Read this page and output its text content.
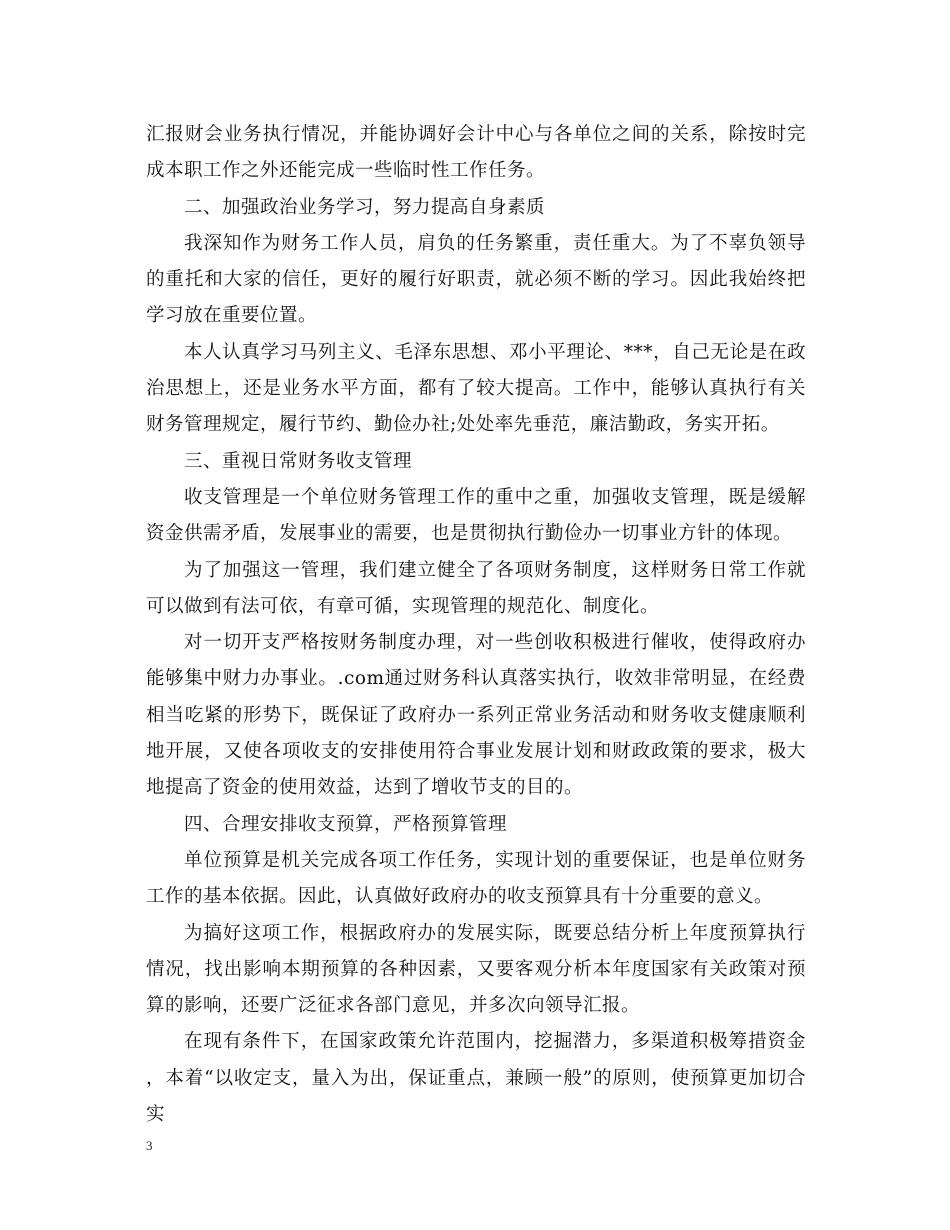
汇报财会业务执行情况，并能协调好会计中心与各单位之间的关系，除按时完成本职工作之外还能完成一些临时性工作任务。

二、加强政治业务学习，努力提高自身素质

我深知作为财务工作人员，肩负的任务繁重，责任重大。为了不辜负领导的重托和大家的信任，更好的履行好职责，就必须不断的学习。因此我始终把学习放在重要位置。

本人认真学习马列主义、毛泽东思想、邓小平理论、***，自己无论是在政治思想上，还是业务水平方面，都有了较大提高。工作中，能够认真执行有关财务管理规定，履行节约、勤俭办社;处处率先垂范，廉洁勤政，务实开拓。

三、重视日常财务收支管理

收支管理是一个单位财务管理工作的重中之重，加强收支管理，既是缓解资金供需矛盾，发展事业的需要，也是贯彻执行勤俭办一切事业方针的体现。

为了加强这一管理，我们建立健全了各项财务制度，这样财务日常工作就可以做到有法可依，有章可循，实现管理的规范化、制度化。

对一切开支严格按财务制度办理，对一些创收积极进行催收，使得政府办能够集中财力办事业。.com通过财务科认真落实执行，收效非常明显，在经费相当吃紧的形势下，既保证了政府办一系列正常业务活动和财务收支健康顺利地开展，又使各项收支的安排使用符合事业发展计划和财政政策的要求，极大地提高了资金的使用效益，达到了增收节支的目的。

四、合理安排收支预算，严格预算管理

单位预算是机关完成各项工作任务，实现计划的重要保证，也是单位财务工作的基本依据。因此，认真做好政府办的收支预算具有十分重要的意义。

为搞好这项工作，根据政府办的发展实际，既要总结分析上年度预算执行情况，找出影响本期预算的各种因素，又要客观分析本年度国家有关政策对预算的影响，还要广泛征求各部门意见，并多次向领导汇报。

在现有条件下，在国家政策允许范围内，挖掘潜力，多渠道积极筹措资金，本着“以收定支，量入为出，保证重点，兼顾一般”的原则，使预算更加切合实

3
